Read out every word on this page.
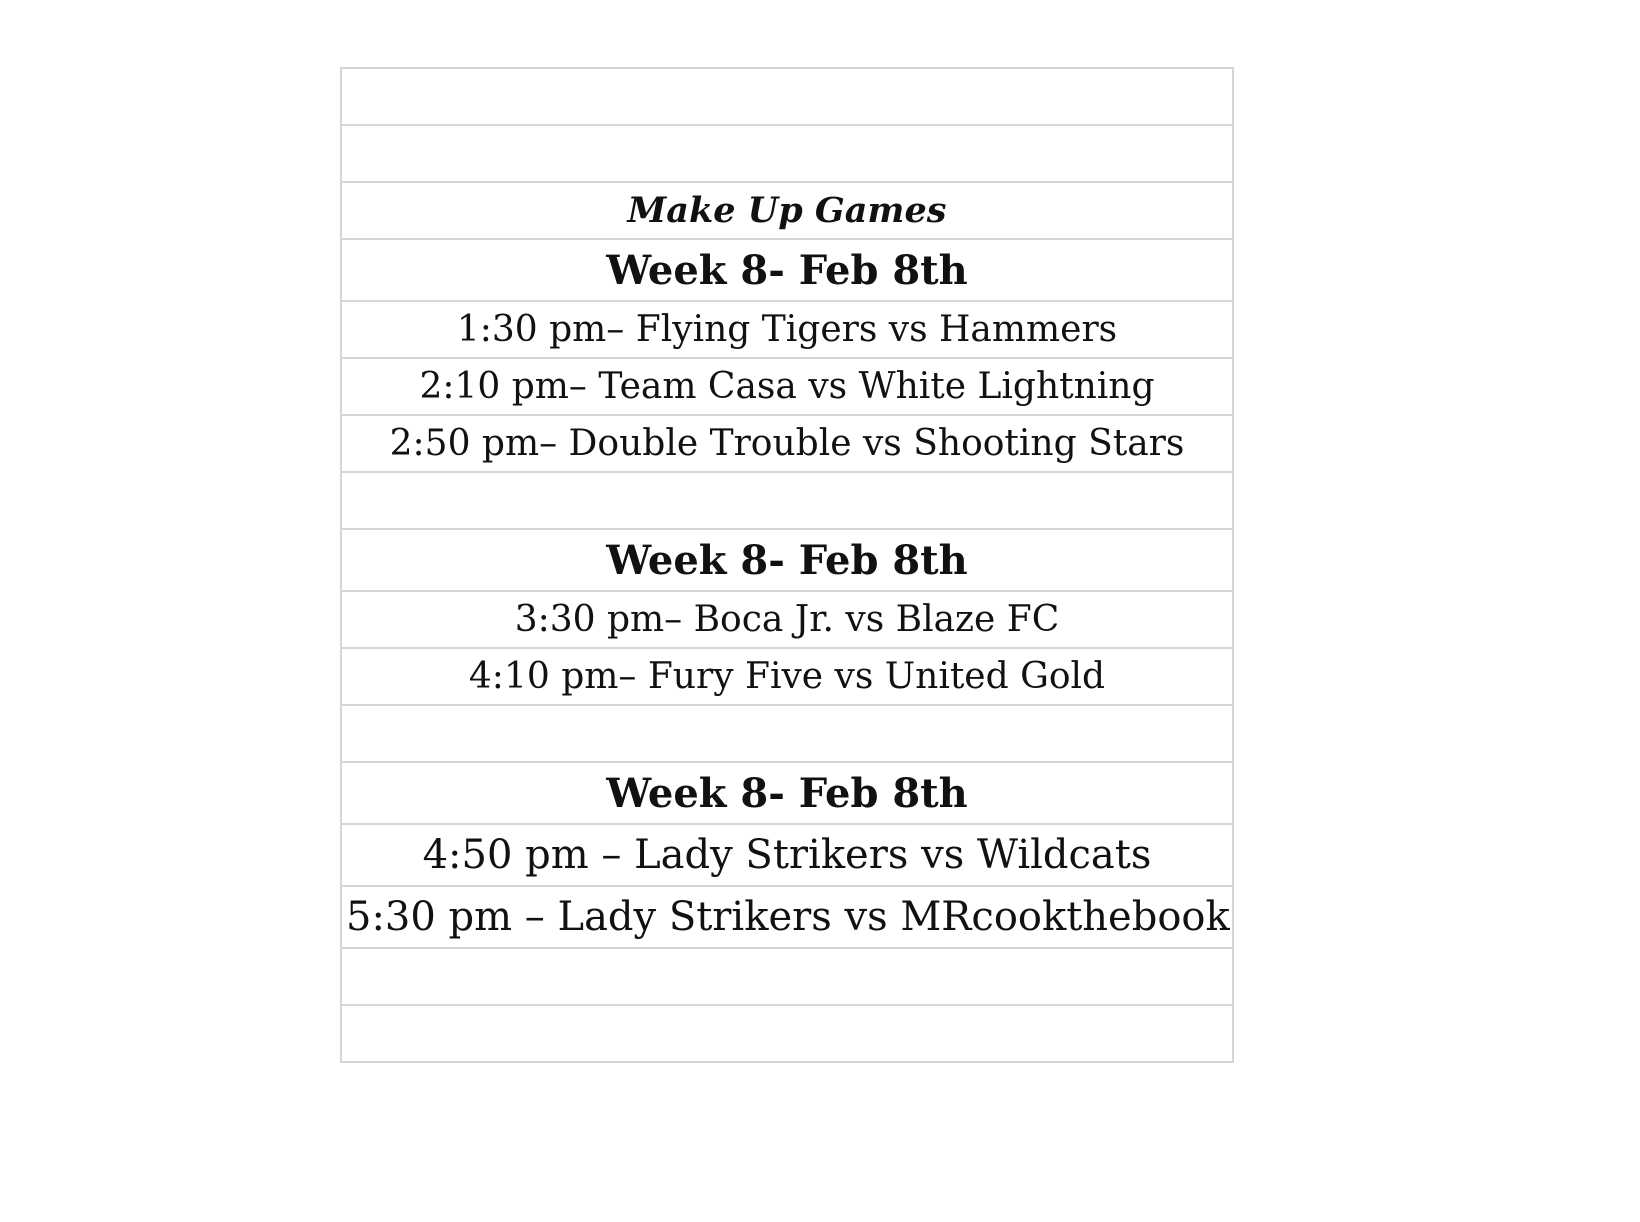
Make Up Games
Week 8- Feb 8th
1:30 pm– Flying Tigers vs Hammers
2:10 pm– Team Casa vs White Lightning
2:50 pm– Double Trouble vs Shooting Stars

Week 8- Feb 8th
3:30 pm– Boca Jr. vs Blaze FC
4:10 pm– Fury Five vs United Gold

Week 8- Feb 8th
4:50 pm – Lady Strikers vs Wildcats
5:30 pm – Lady Strikers vs MRcookthebook
